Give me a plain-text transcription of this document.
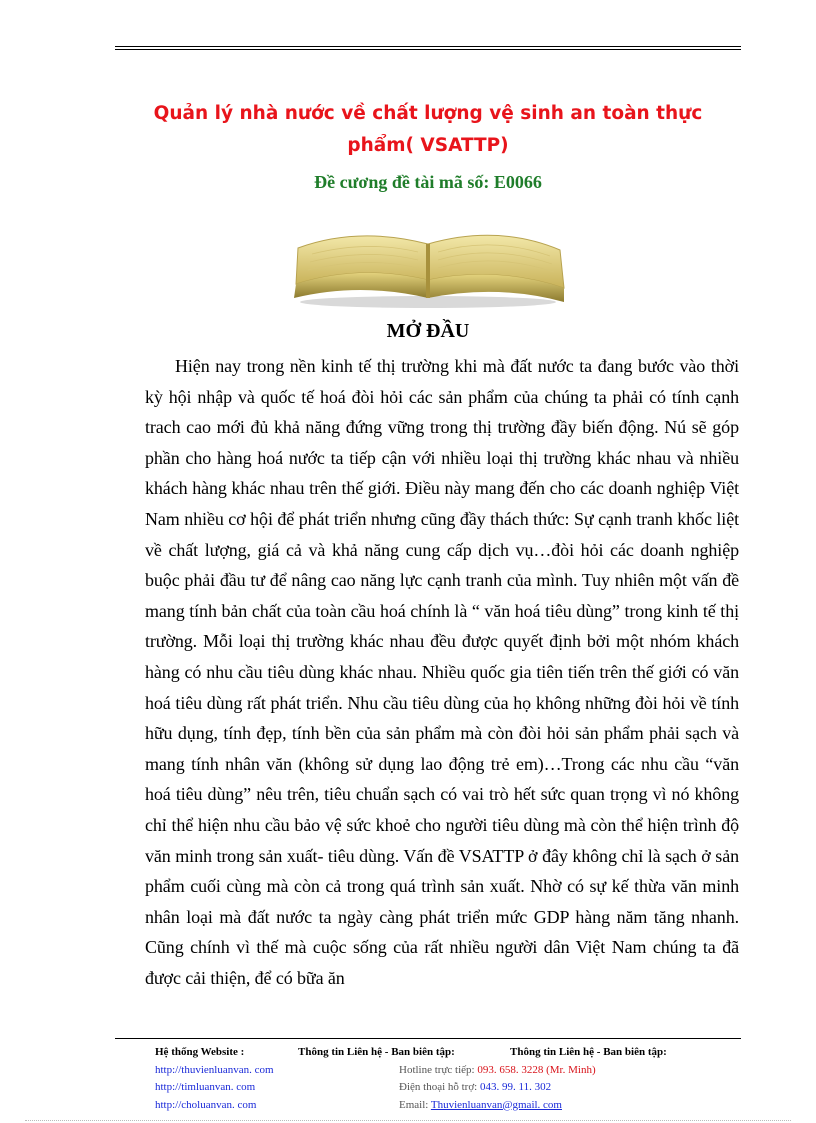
Quản lý nhà nước về chất lượng vệ sinh an toàn thực phẩm( VSATTP)
Đề cương đề tài mã số: E0066
MỞ ĐẦU

Hiện nay trong nền kinh tế thị trường khi mà đất nước ta đang bước vào thời kỳ hội nhập và quốc tế hoá đòi hỏi các sản phẩm của chúng ta phải có tính cạnh trach cao mới đủ khả năng đứng vững trong thị trường đầy biến động. Nú sẽ góp phần cho hàng hoá nước ta tiếp cận với nhiều loại thị trường khác nhau và nhiều khách hàng khác nhau trên thế giới. Điều này mang đến cho các doanh nghiệp Việt Nam nhiều cơ hội để phát triển nhưng cũng đầy thách thức: Sự cạnh tranh khốc liệt về chất lượng, giá cả và khả năng cung cấp dịch vụ…đòi hỏi các doanh nghiệp buộc phải đầu tư để nâng cao năng lực cạnh tranh của mình. Tuy nhiên một vấn đề mang tính bản chất của toàn cầu hoá chính là “ văn hoá tiêu dùng” trong kinh tế thị trường. Mỗi loại thị trường khác nhau đều được quyết định bởi một nhóm khách hàng có nhu cầu tiêu dùng khác nhau. Nhiều quốc gia tiên tiến trên thế giới có văn hoá tiêu dùng rất phát triển. Nhu cầu tiêu dùng của họ không những đòi hỏi về tính hữu dụng, tính đẹp, tính bền của sản phẩm mà còn đòi hỏi sản phẩm phải sạch và mang tính nhân văn (không sử dụng lao động trẻ em)…Trong các nhu cầu “văn hoá tiêu dùng” nêu trên, tiêu chuẩn sạch có vai trò hết sức quan trọng vì nó không chỉ thể hiện nhu cầu bảo vệ sức khoẻ cho người tiêu dùng mà còn thể hiện trình độ văn minh trong sản xuất- tiêu dùng. Vấn đề VSATTP ở đây không chỉ là sạch ở sản phẩm cuối cùng mà còn cả trong quá trình sản xuất. Nhờ có sự kế thừa văn minh nhân loại mà đất nước ta ngày càng phát triển mức GDP hàng năm tăng nhanh. Cũng chính vì thế mà cuộc sống của rất nhiều người dân Việt Nam chúng ta đã được cải thiện, để có bữa ăn

Hệ thống Website :
http://thuvienluanvan. com
http://timluanvan. com
http://choluanvan. com
Thông tin Liên hệ - Ban biên tập:
Hotline trực tiếp: 093. 658. 3228 (Mr. Minh)
Điện thoại hỗ trợ: 043. 99. 11. 302
Email: Thuvienluanvan@gmail. com
Thông tin Liên hệ - Ban biên tập:
